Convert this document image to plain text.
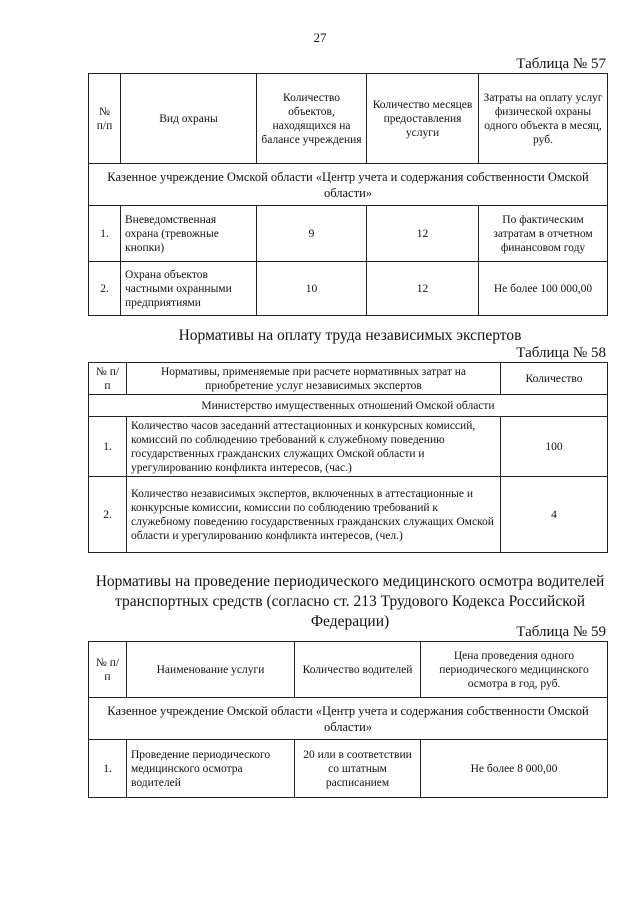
27
Таблица № 57
№ п/п	Вид охраны	Количество объектов, находящихся на балансе учреждения	Количество месяцев предоставления услуги	Затраты на оплату услуг физической охраны одного объекта в месяц, руб.
Казенное учреждение Омской области «Центр учета и содержания собственности Омской области»				
1.	Вневедомственная охрана (тревожные кнопки)	9	12	По фактическим затратам в отчетном финансовом году
2.	Охрана объектов частными охранными предприятиями	10	12	Не более 100 000,00
Нормативы на оплату труда независимых экспертов
Таблица № 58
№ п/п	Нормативы, применяемые при расчете нормативных затрат на приобретение услуг независимых экспертов	Количество
Министерство имущественных отношений Омской области		
1.	Количество часов заседаний аттестационных и конкурсных комиссий, комиссий по соблюдению требований к служебному поведению государственных гражданских служащих Омской области и урегулированию конфликта интересов, (час.)	100
2.	Количество независимых экспертов, включенных в аттестационные и конкурсные комиссии, комиссии по соблюдению требований к служебному поведению государственных гражданских служащих Омской области и урегулированию конфликта интересов, (чел.)	4
Нормативы на проведение периодического медицинского осмотра водителей транспортных средств (согласно ст. 213 Трудового Кодекса Российской Федерации)
Таблица № 59
№ п/п	Наименование услуги	Количество водителей	Цена проведения одного периодического медицинского осмотра в год, руб.
Казенное учреждение Омской области «Центр учета и содержания собственности Омской области»			
1.	Проведение периодического медицинского осмотра водителей	20 или в соответствии со штатным расписанием	Не более 8 000,00
